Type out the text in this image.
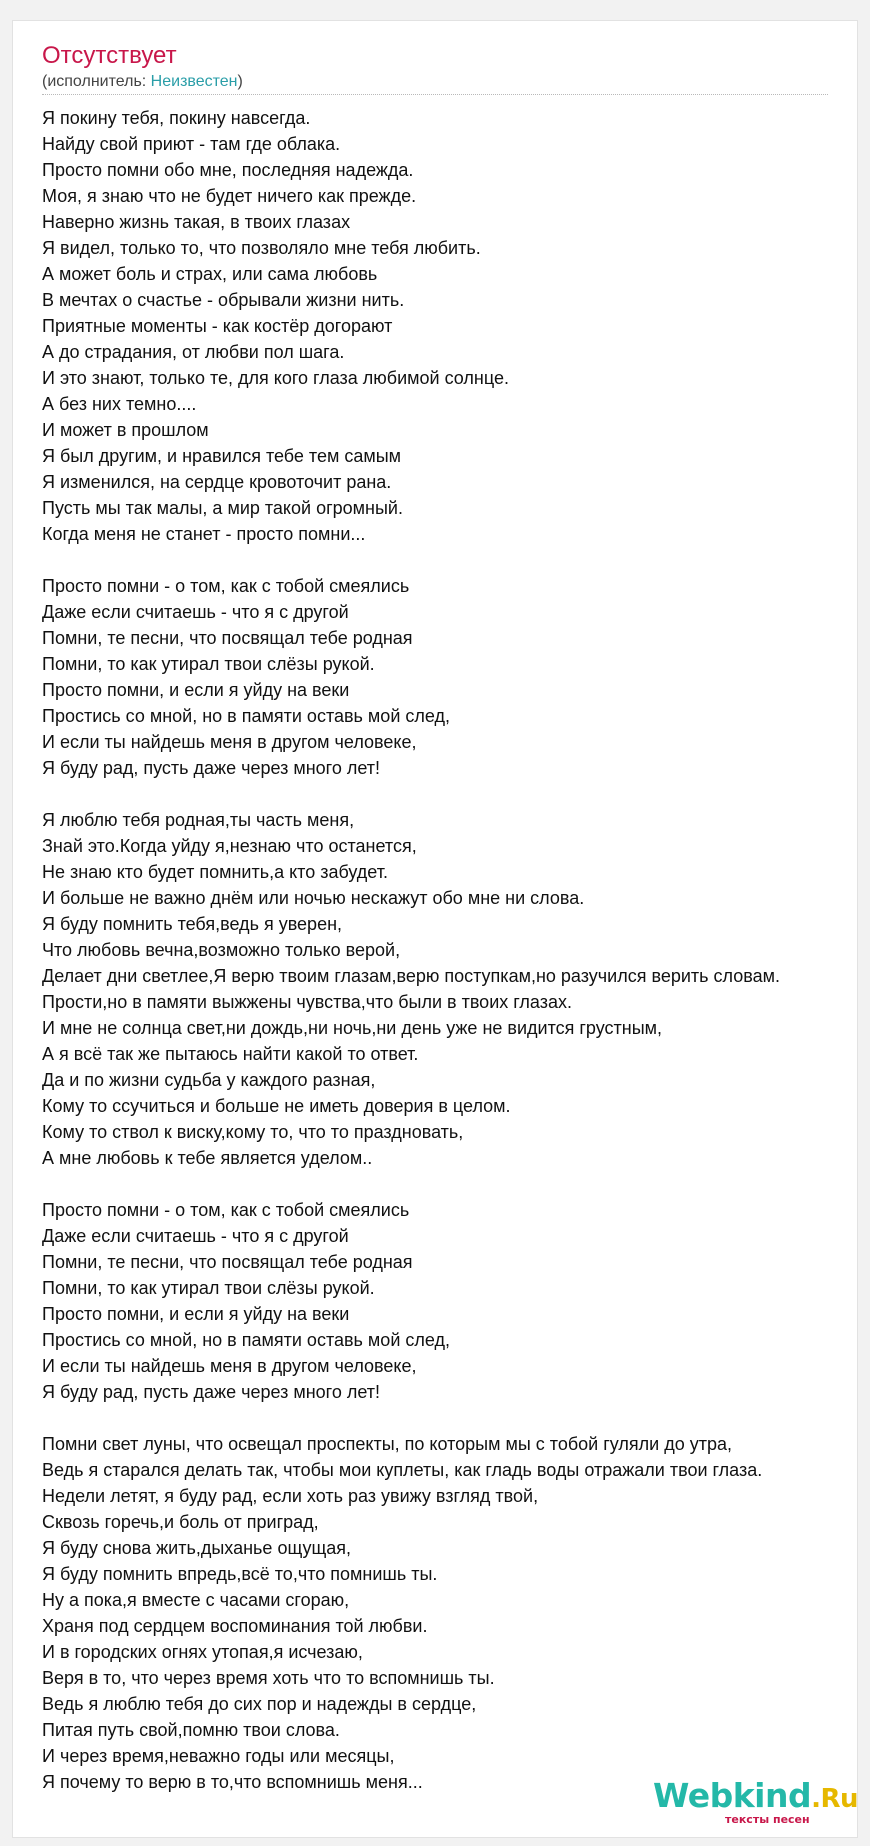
Отсутствует
(исполнитель: Неизвестен)
Я покину тебя, покину навсегда.
Найду свой приют - там где облака.
Просто помни обо мне, последняя надежда.
Моя, я знаю что не будет ничего как прежде.
Наверно жизнь такая, в твоих глазах
Я видел, только то, что позволяло мне тебя любить.
А может боль и страх, или сама любовь
В мечтах о счастье - обрывали жизни нить.
Приятные моменты - как костёр догорают
А до страдания, от любви пол шага.
И это знают, только те, для кого глаза любимой солнце.
А без них темно....
И может в прошлом
Я был другим, и нравился тебе тем самым
Я изменился, на сердце кровоточит рана.
Пусть мы так малы, а мир такой огромный.
Когда меня не станет - просто помни...
Просто помни - о том, как с тобой смеялись
Даже если считаешь - что я с другой
Помни, те песни, что посвящал тебе родная
Помни, то как утирал твои слёзы рукой.
Просто помни, и если я уйду на веки
Простись со мной, но в памяти оставь мой след,
И если ты найдешь меня в другом человеке,
Я буду рад, пусть даже через много лет!
Я люблю тебя родная,ты часть меня,
Знай это.Когда уйду я,незнаю что останется,
Не знаю кто будет помнить,а кто забудет.
И больше не важно днём или ночью нескажут обо мне ни слова.
Я буду помнить тебя,ведь я уверен,
Что любовь вечна,возможно только верой,
Делает дни светлее,Я верю твоим глазам,верю поступкам,но разучился верить словам.
Прости,но в памяти выжжены чувства,что были в твоих глазах.
И мне не солнца свет,ни дождь,ни ночь,ни день уже не видится грустным,
А я всё так же пытаюсь найти какой то ответ.
Да и по жизни судьба у каждого разная,
Кому то ссучиться и больше не иметь доверия в целом.
Кому то ствол к виску,кому то, что то праздновать,
А мне любовь к тебе является уделом..
Просто помни - о том, как с тобой смеялись
Даже если считаешь - что я с другой
Помни, те песни, что посвящал тебе родная
Помни, то как утирал твои слёзы рукой.
Просто помни, и если я уйду на веки
Простись со мной, но в памяти оставь мой след,
И если ты найдешь меня в другом человеке,
Я буду рад, пусть даже через много лет!
Помни свет луны, что освещал проспекты, по которым мы с тобой гуляли до утра,
Ведь я старался делать так, чтобы мои куплеты, как гладь воды отражали твои глаза.
Недели летят, я буду рад, если хоть раз увижу взгляд твой,
Сквозь горечь,и боль от приград,
Я буду снова жить,дыханье ощущая,
Я буду помнить впредь,всё то,что помнишь ты.
Ну а пока,я вместе с часами сгораю,
Храня под сердцем воспоминания той любви.
И в городских огнях утопая,я исчезаю,
Веря в то, что через время хоть что то вспомнишь ты.
Ведь я люблю тебя до сих пор и надежды в сердце,
Питая путь свой,помню твои слова.
И через время,неважно годы или месяцы,
Я почему то верю в то,что вспомнишь меня...	Webkind.Ru
тексты песен
